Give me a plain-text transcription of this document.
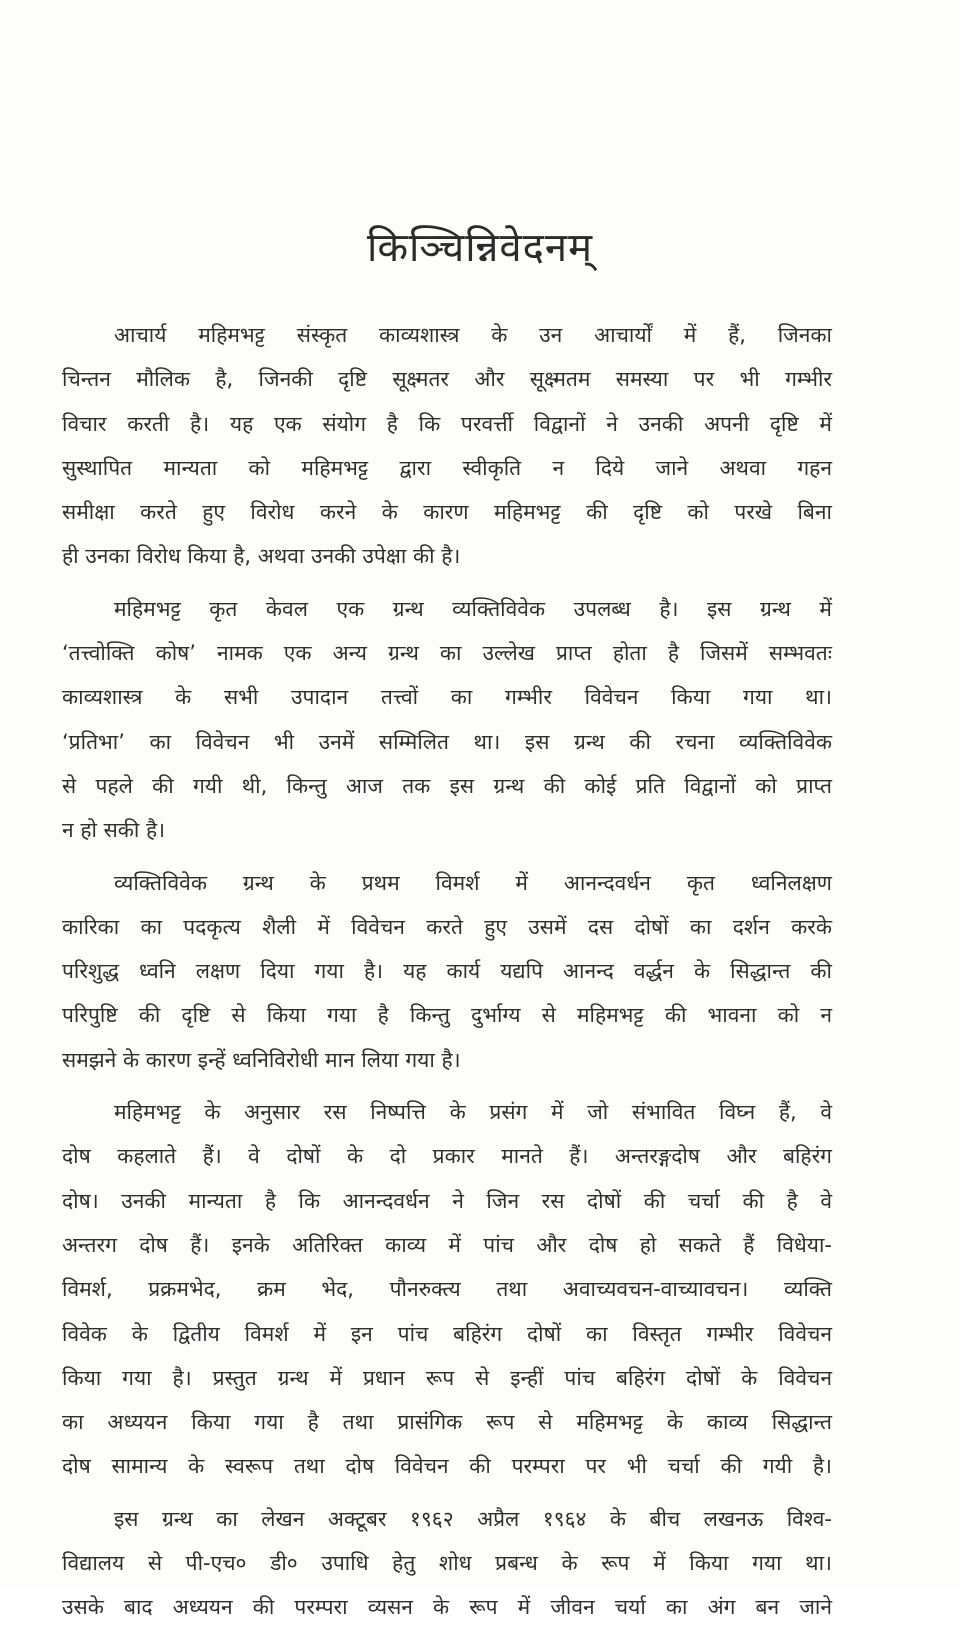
किञ्चिन्निवेदनम्
आचार्य महिमभट्ट संस्कृत काव्यशास्त्र के उन आचार्यों में हैं, जिनका
चिन्तन मौलिक है, जिनकी दृष्टि सूक्ष्मतर और सूक्ष्मतम समस्या पर भी गम्भीर
विचार करती है। यह एक संयोग है कि परवर्त्ती विद्वानों ने उनकी अपनी दृष्टि में
सुस्थापित मान्यता को महिमभट्ट द्वारा स्वीकृति न दिये जाने अथवा गहन
समीक्षा करते हुए विरोध करने के कारण महिमभट्ट की दृष्टि को परखे बिना
ही उनका विरोध किया है, अथवा उनकी उपेक्षा की है।
महिमभट्ट कृत केवल एक ग्रन्थ व्यक्तिविवेक उपलब्ध है। इस ग्रन्थ में
‘तत्त्वोक्ति कोष’ नामक एक अन्य ग्रन्थ का उल्लेख प्राप्त होता है जिसमें सम्भवतः
काव्यशास्त्र के सभी उपादान तत्त्वों का गम्भीर विवेचन किया गया था।
‘प्रतिभा’ का विवेचन भी उनमें सम्मिलित था। इस ग्रन्थ की रचना व्यक्तिविवेक
से पहले की गयी थी, किन्तु आज तक इस ग्रन्थ की कोई प्रति विद्वानों को प्राप्त
न हो सकी है।
व्यक्तिविवेक ग्रन्थ के प्रथम विमर्श में आनन्दवर्धन कृत ध्वनिलक्षण
कारिका का पदकृत्य शैली में विवेचन करते हुए उसमें दस दोषों का दर्शन करके
परिशुद्ध ध्वनि लक्षण दिया गया है। यह कार्य यद्यपि आनन्द वर्द्धन के सिद्धान्त की
परिपुष्टि की दृष्टि से किया गया है किन्तु दुर्भाग्य से महिमभट्ट की भावना को न
समझने के कारण इन्हें ध्वनिविरोधी मान लिया गया है।
महिमभट्ट के अनुसार रस निष्पत्ति के प्रसंग में जो संभावित विघ्न हैं, वे
दोष कहलाते हैं। वे दोषों के दो प्रकार मानते हैं। अन्तरङ्गदोष और बहिरंग
दोष। उनकी मान्यता है कि आनन्दवर्धन ने जिन रस दोषों की चर्चा की है वे
अन्तरग दोष हैं। इनके अतिरिक्त काव्य में पांच और दोष हो सकते हैं विधेया-
विमर्श, प्रक्रमभेद, क्रम भेद, पौनरुक्त्य तथा अवाच्यवचन-वाच्यावचन। व्यक्ति
विवेक के द्वितीय विमर्श में इन पांच बहिरंग दोषों का विस्तृत गम्भीर विवेचन
किया गया है। प्रस्तुत ग्रन्थ में प्रधान रूप से इन्हीं पांच बहिरंग दोषों के विवेचन
का अध्ययन किया गया है तथा प्रासंगिक रूप से महिमभट्ट के काव्य सिद्धान्त
दोष सामान्य के स्वरूप तथा दोष विवेचन की परम्परा पर भी चर्चा की गयी है।
इस ग्रन्थ का लेखन अक्टूबर १९६२ अप्रैल १९६४ के बीच लखनऊ विश्व-
विद्यालय से पी-एच० डी० उपाधि हेतु शोध प्रबन्ध के रूप में किया गया था।
उसके बाद अध्ययन की परम्परा व्यसन के रूप में जीवन चर्या का अंग बन जाने
